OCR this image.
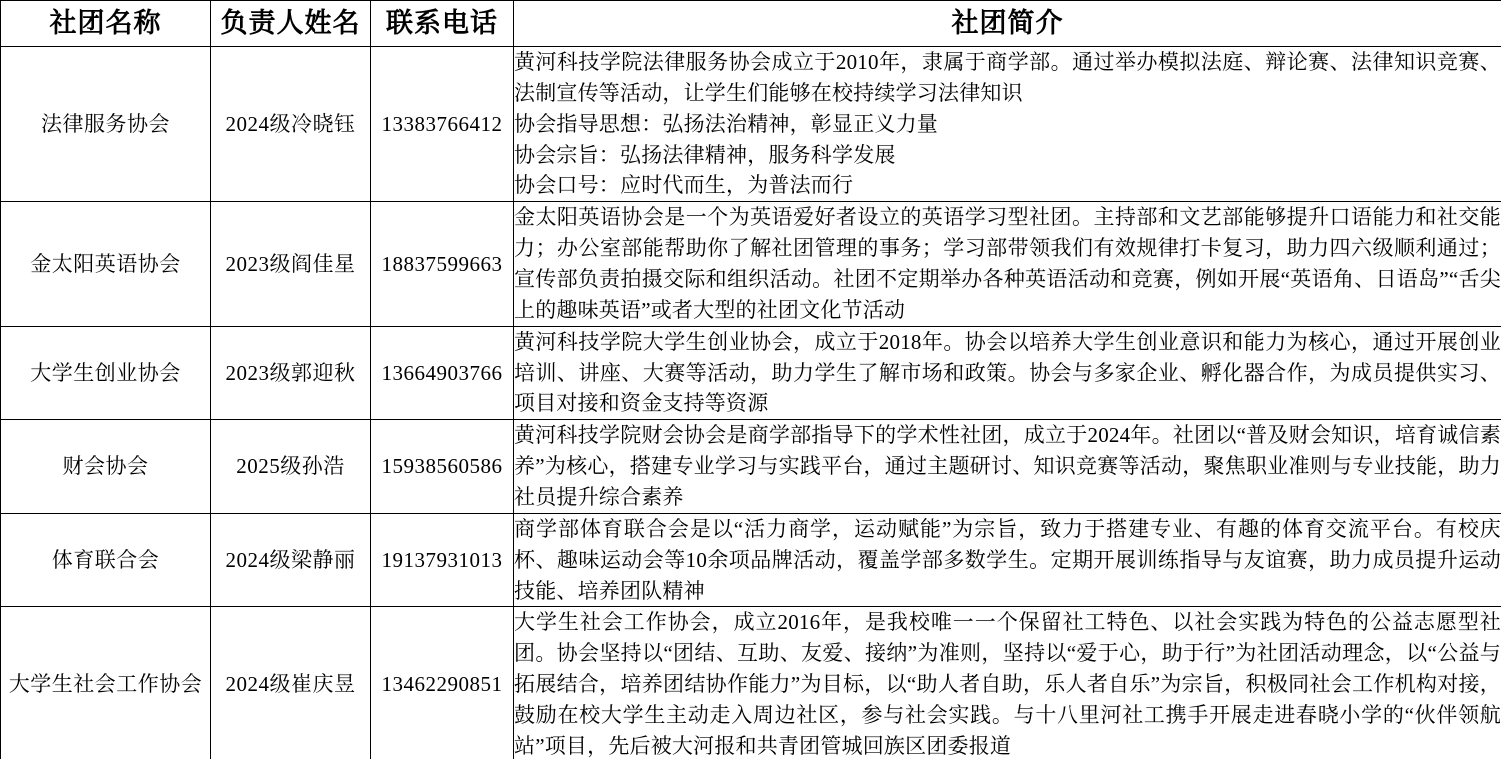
社团名称	负责人姓名	联系电话	社团简介
法律服务协会	2024级冷晓钰	13383766412	黄河科技学院法律服务协会成立于2010年，隶属于商学部。通过举办模拟法庭、辩论赛、法律知识竞赛、法制宣传等活动，让学生们能够在校持续学习法律知识
协会指导思想：弘扬法治精神，彰显正义力量
协会宗旨：弘扬法律精神，服务科学发展
协会口号：应时代而生，为普法而行

金太阳英语协会	2023级阎佳星	18837599663	金太阳英语协会是一个为英语爱好者设立的英语学习型社团。主持部和文艺部能够提升口语能力和社交能力；办公室部能帮助你了解社团管理的事务；学习部带领我们有效规律打卡复习，助力四六级顺利通过；宣传部负责拍摄交际和组织活动。社团不定期举办各种英语活动和竞赛，例如开展“英语角、日语岛”“舌尖上的趣味英语”或者大型的社团文化节活动

大学生创业协会	2023级郭迎秋	13664903766	黄河科技学院大学生创业协会，成立于2018年。协会以培养大学生创业意识和能力为核心，通过开展创业培训、讲座、大赛等活动，助力学生了解市场和政策。协会与多家企业、孵化器合作，为成员提供实习、项目对接和资金支持等资源

财会协会	2025级孙浩	15938560586	黄河科技学院财会协会是商学部指导下的学术性社团，成立于2024年。社团以“普及财会知识，培育诚信素养”为核心，搭建专业学习与实践平台，通过主题研讨、知识竞赛等活动，聚焦职业准则与专业技能，助力社员提升综合素养

体育联合会	2024级梁静丽	19137931013	商学部体育联合会是以“活力商学，运动赋能”为宗旨，致力于搭建专业、有趣的体育交流平台。有校庆杯、趣味运动会等10余项品牌活动，覆盖学部多数学生。定期开展训练指导与友谊赛，助力成员提升运动技能、培养团队精神

大学生社会工作协会	2024级崔庆昱	13462290851	大学生社会工作协会，成立2016年，是我校唯一一个保留社工特色、以社会实践为特色的公益志愿型社团。协会坚持以“团结、互助、友爱、接纳”为准则，坚持以“爱于心，助于行”为社团活动理念，以“公益与拓展结合，培养团结协作能力”为目标，以“助人者自助，乐人者自乐”为宗旨，积极同社会工作机构对接，鼓励在校大学生主动走入周边社区，参与社会实践。与十八里河社工携手开展走进春晓小学的“伙伴领航站”项目，先后被大河报和共青团管城回族区团委报道
